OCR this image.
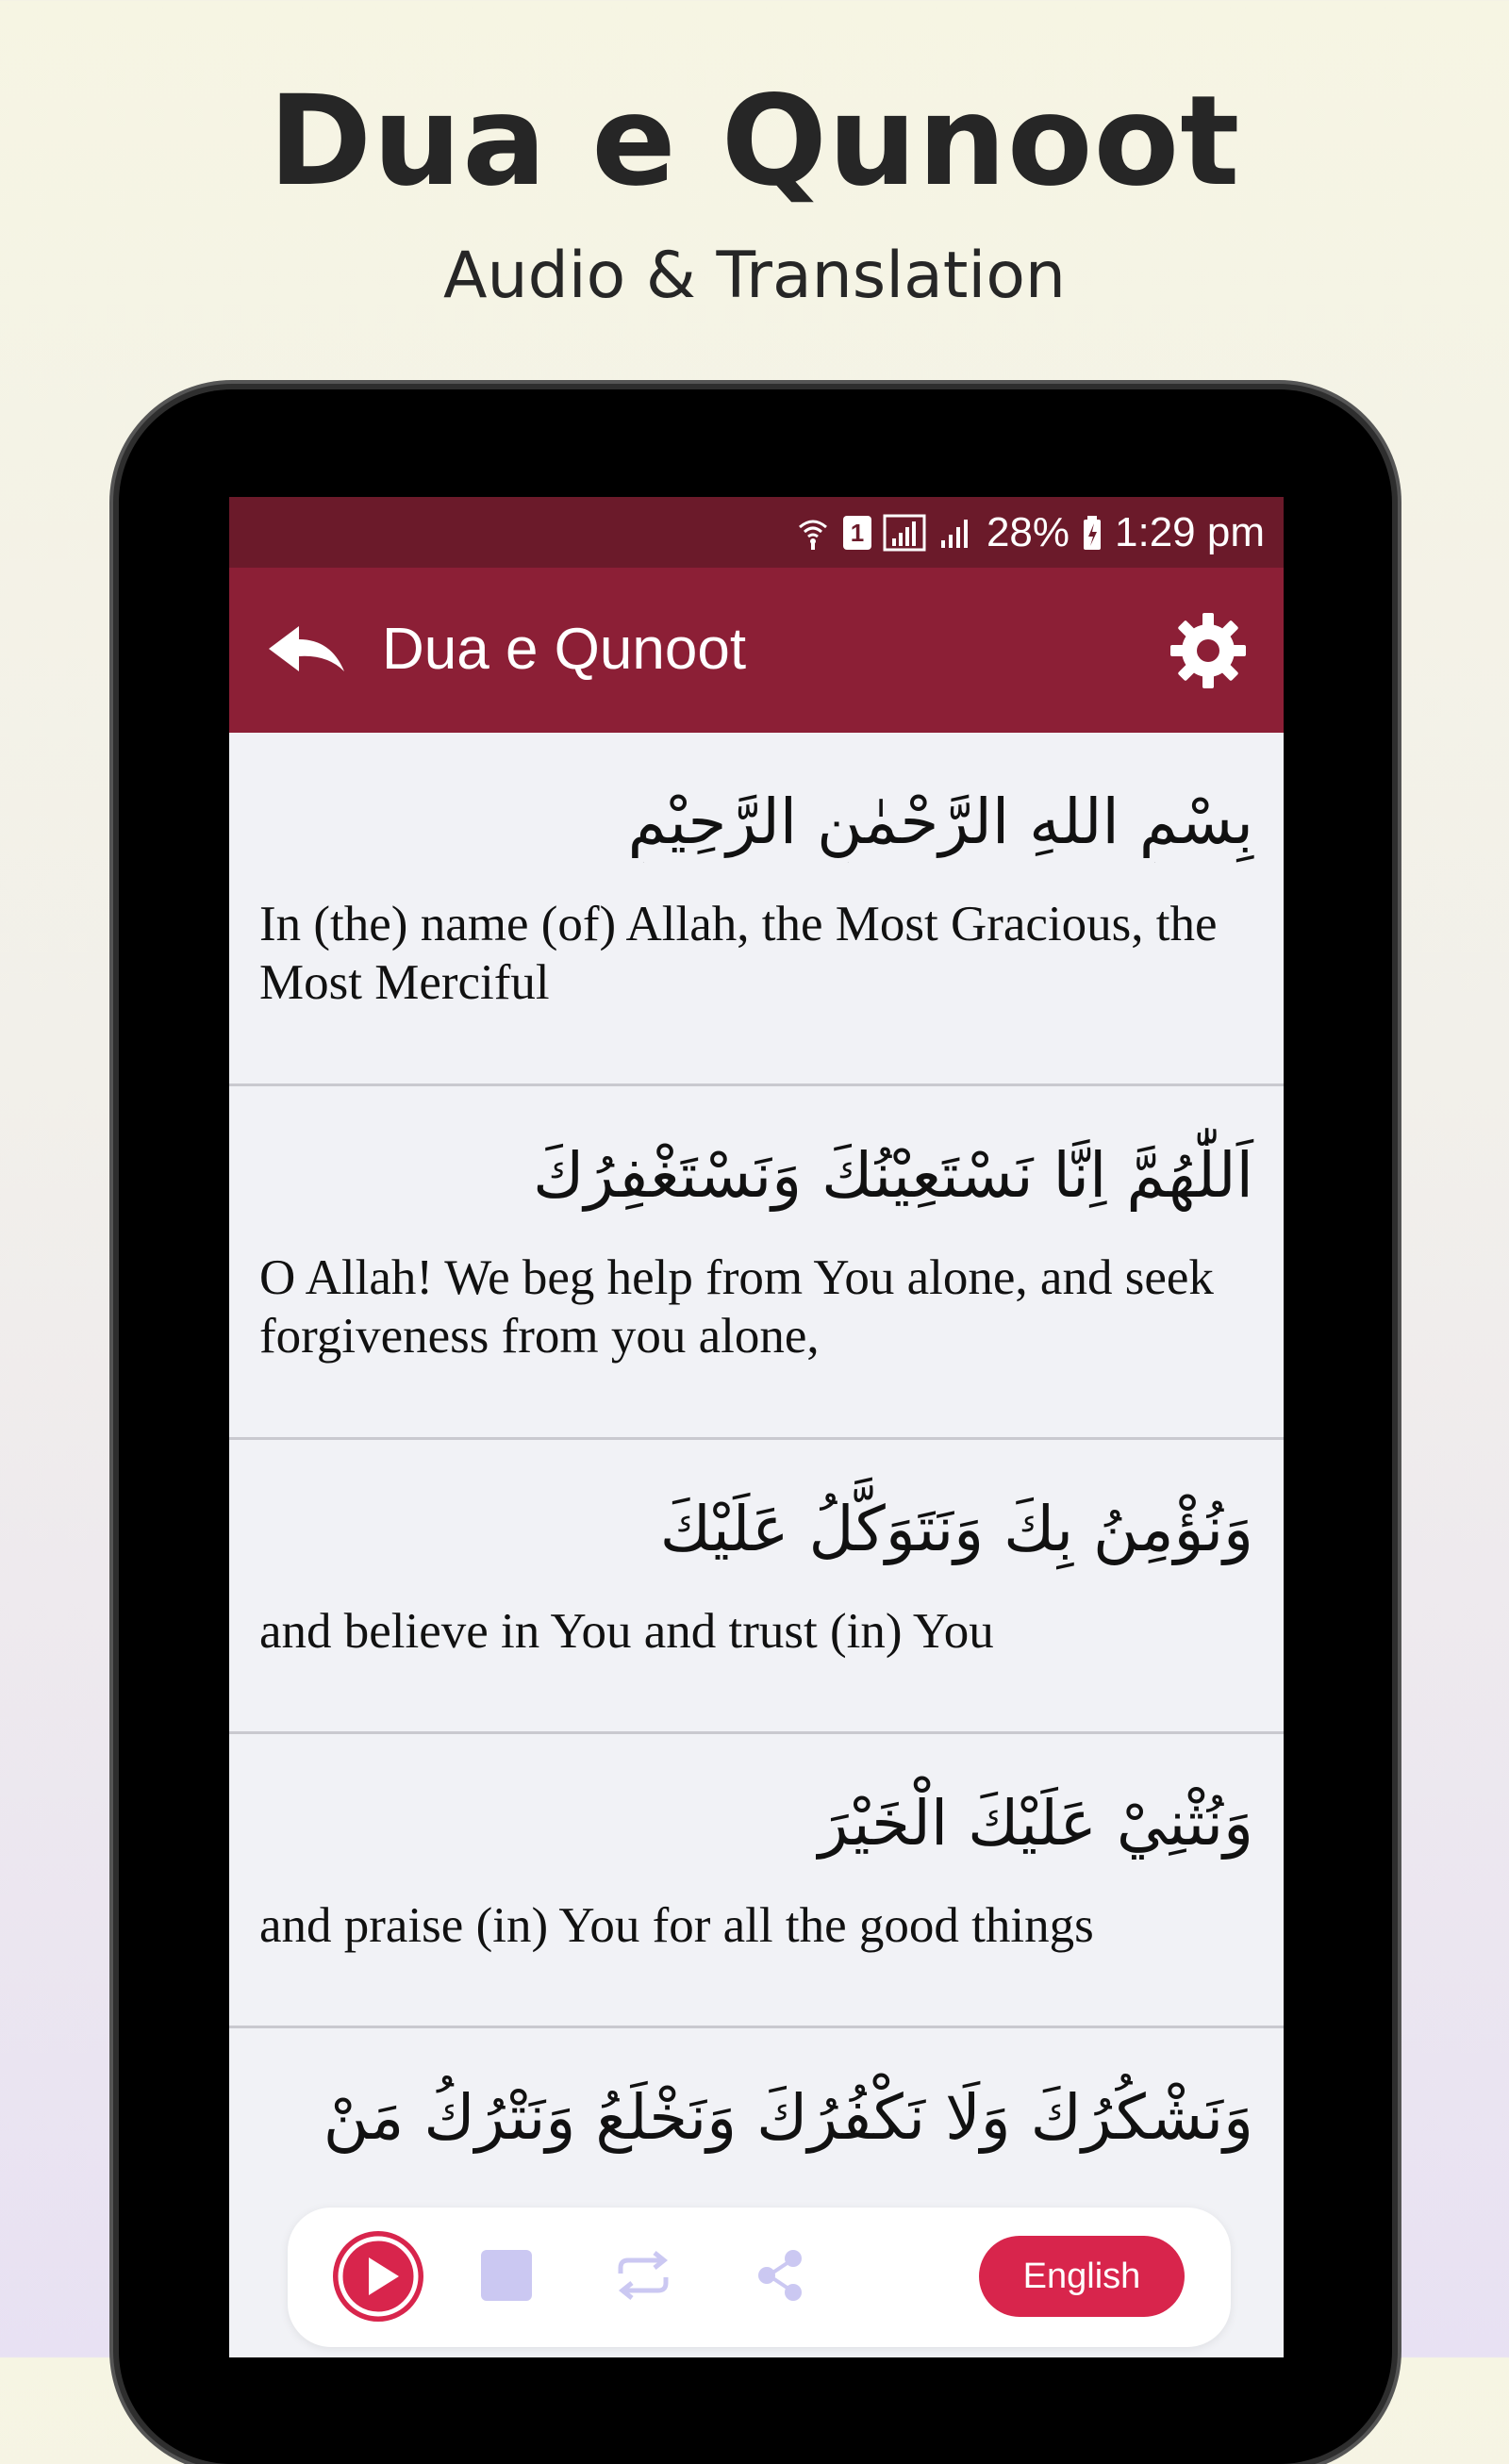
Dua e Qunoot
Audio & Translation
1	28% 1:29 pm
Dua e Qunoot
بِسْمِ اللهِ الرَّحْمٰنِ الرَّحِيْمِ
In (the) name (of) Allah, the Most Gracious, the Most Merciful
اَللّٰهُمَّ اِنَّا نَسْتَعِيْنُكَ وَنَسْتَغْفِرُكَ
O Allah! We beg help from You alone, and seek forgiveness from you alone,
وَنُؤْمِنُ بِكَ وَنَتَوَكَّلُ عَلَيْكَ
and believe in You and trust (in) You
وَنُثْنِيْ عَلَيْكَ الْخَيْرَ
and praise (in) You for all the good things
وَنَشْكُرُكَ وَلَا نَكْفُرُكَ وَنَخْلَعُ وَنَتْرُكُ مَنْ
English
